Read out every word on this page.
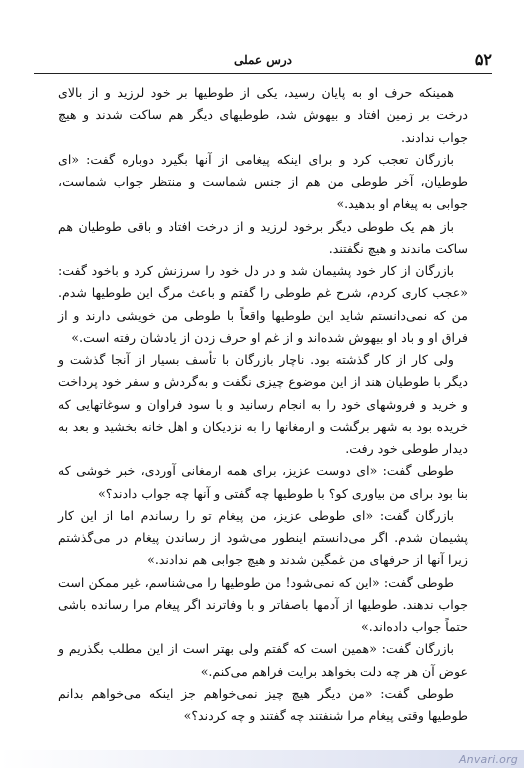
۵۲
درس عملی

همینکه حرف او به پایان رسید، یکی از طوطیها بر خود لرزید و از بالای درخت بر زمین افتاد و بیهوش شد، طوطیهای دیگر هم ساکت شدند و هیچ جواب ندادند.

بازرگان تعجب کرد و برای اینکه پیغامی از آنها بگیرد دوباره گفت: «ای طوطیان، آخر طوطی من هم از جنس شماست و منتظر جواب شماست، جوابی به پیغام او بدهید.»

باز هم یک طوطی دیگر برخود لرزید و از درخت افتاد و باقی طوطیان هم ساکت ماندند و هیچ نگفتند.

بازرگان از کار خود پشیمان شد و در دل خود را سرزنش کرد و باخود گفت: «عجب کاری کردم، شرح غم طوطی را گفتم و باعث مرگ این طوطیها شدم. من که نمی‌دانستم شاید این طوطیها واقعاً با طوطی من خویشی دارند و از فراق او و باد او بیهوش شده‌اند و از غم او حرف زدن از یادشان رفته است.»

ولی کار از کار گذشته بود. ناچار بازرگان با تأسف بسیار از آنجا گذشت و دیگر با طوطیان هند از این موضوع چیزی نگفت و به‌گردش و سفر خود پرداخت و خرید و فروشهای خود را به انجام رسانید و با سود فراوان و سوغاتهایی که خریده بود به شهر برگشت و ارمغانها را به نزدیکان و اهل خانه بخشید و بعد به دیدار طوطی خود رفت.

طوطی گفت: «ای دوست عزیز، برای همه ارمغانی آوردی، خبر خوشی که بنا بود برای من بیاوری کو؟ با طوطیها چه گفتی و آنها چه جواب دادند؟»

بازرگان گفت: «ای طوطی عزیز، من پیغام تو را رساندم اما از این کار پشیمان شدم. اگر می‌دانستم اینطور می‌شود از رساندن پیغام در می‌گذشتم زیرا آنها از حرفهای من غمگین شدند و هیچ جوابی هم ندادند.»

طوطی گفت: «این که نمی‌شود! من طوطیها را می‌شناسم، غیر ممکن است جواب ندهند. طوطیها از آدمها باصفاتر و با وفاترند اگر پیغام مرا رسانده باشی حتماً جواب داده‌اند.»

بازرگان گفت: «همین است که گفتم ولی بهتر است از این مطلب بگذریم و عوض آن هر چه دلت بخواهد برایت فراهم می‌کنم.»

طوطی گفت: «من دیگر هیچ چیز نمی‌خواهم جز اینکه می‌خواهم بدانم طوطیها وقتی پیغام مرا شنفتند چه گفتند و چه کردند؟»

Anvari.org
